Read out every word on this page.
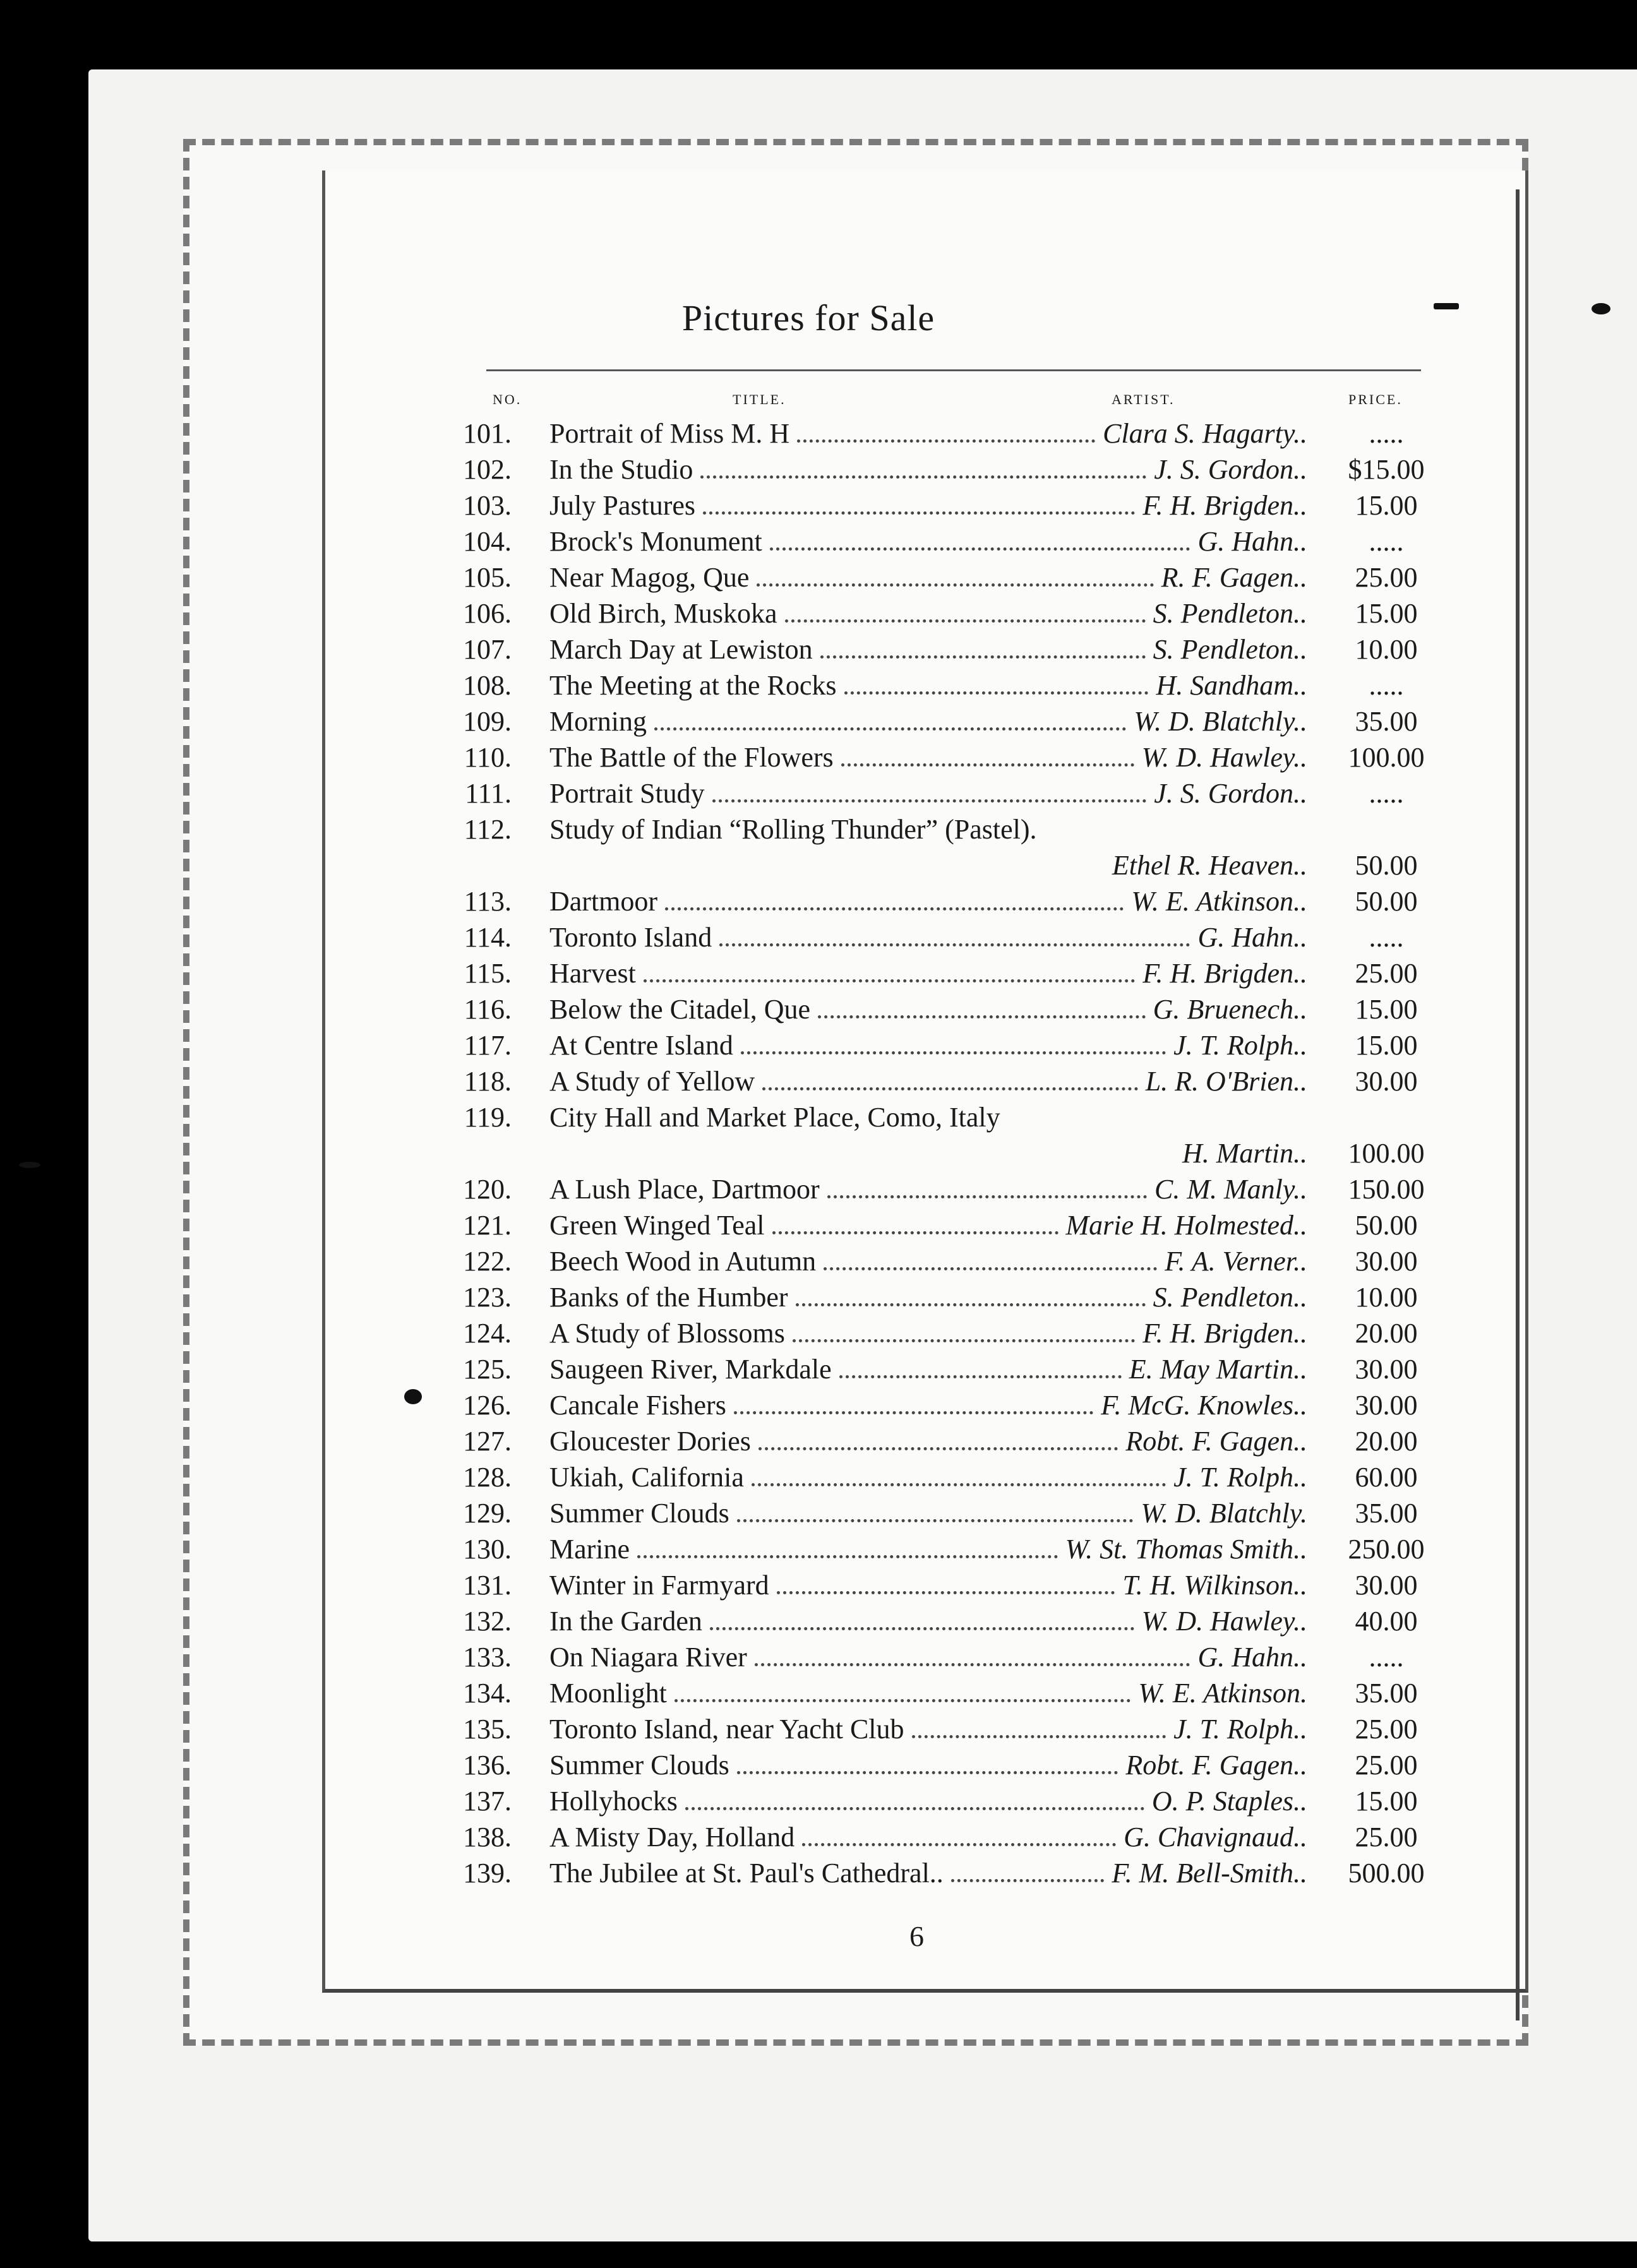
Pictures for Sale
NO.	TITLE.	ARTIST.	PRICE.
101. Portrait of Miss M. H	Clara S. Hagarty..	.....
102. In the Studio	J. S. Gordon..	$15.00
103. July Pastures	F. H. Brigden..	15.00
104. Brock's Monument	G. Hahn..	.....
105. Near Magog, Que	R. F. Gagen..	25.00
106. Old Birch, Muskoka	S. Pendleton..	15.00
107. March Day at Lewiston	S. Pendleton..	10.00
108. The Meeting at the Rocks	H. Sandham..	.....
109. Morning	W. D. Blatchly..	35.00
110. The Battle of the Flowers	W. D. Hawley..	100.00
111. Portrait Study	J. S. Gordon..	.....
112. Study of Indian “Rolling Thunder” (Pastel).
Ethel R. Heaven..	50.00
113. Dartmoor	W. E. Atkinson..	50.00
114. Toronto Island	G. Hahn..	.....
115. Harvest	F. H. Brigden..	25.00
116. Below the Citadel, Que	G. Bruenech..	15.00
117. At Centre Island	J. T. Rolph..	15.00
118. A Study of Yellow	L. R. O'Brien..	30.00
119. City Hall and Market Place, Como, Italy
H. Martin..	100.00
120. A Lush Place, Dartmoor	C. M. Manly..	150.00
121. Green Winged Teal	Marie H. Holmested..	50.00
122. Beech Wood in Autumn	F. A. Verner..	30.00
123. Banks of the Humber	S. Pendleton..	10.00
124. A Study of Blossoms	F. H. Brigden..	20.00
125. Saugeen River, Markdale	E. May Martin..	30.00
126. Cancale Fishers	F. McG. Knowles..	30.00
127. Gloucester Dories	Robt. F. Gagen..	20.00
128. Ukiah, California	J. T. Rolph..	60.00
129. Summer Clouds	W. D. Blatchly.	35.00
130. Marine	W. St. Thomas Smith..	250.00
131. Winter in Farmyard	T. H. Wilkinson..	30.00
132. In the Garden	W. D. Hawley..	40.00
133. On Niagara River	G. Hahn..	.....
134. Moonlight	W. E. Atkinson.	35.00
135. Toronto Island, near Yacht Club	J. T. Rolph..	25.00
136. Summer Clouds	Robt. F. Gagen..	25.00
137. Hollyhocks	O. P. Staples..	15.00
138. A Misty Day, Holland	G. Chavignaud..	25.00
139. The Jubilee at St. Paul's Cathedral..	F. M. Bell-Smith..	500.00
6
